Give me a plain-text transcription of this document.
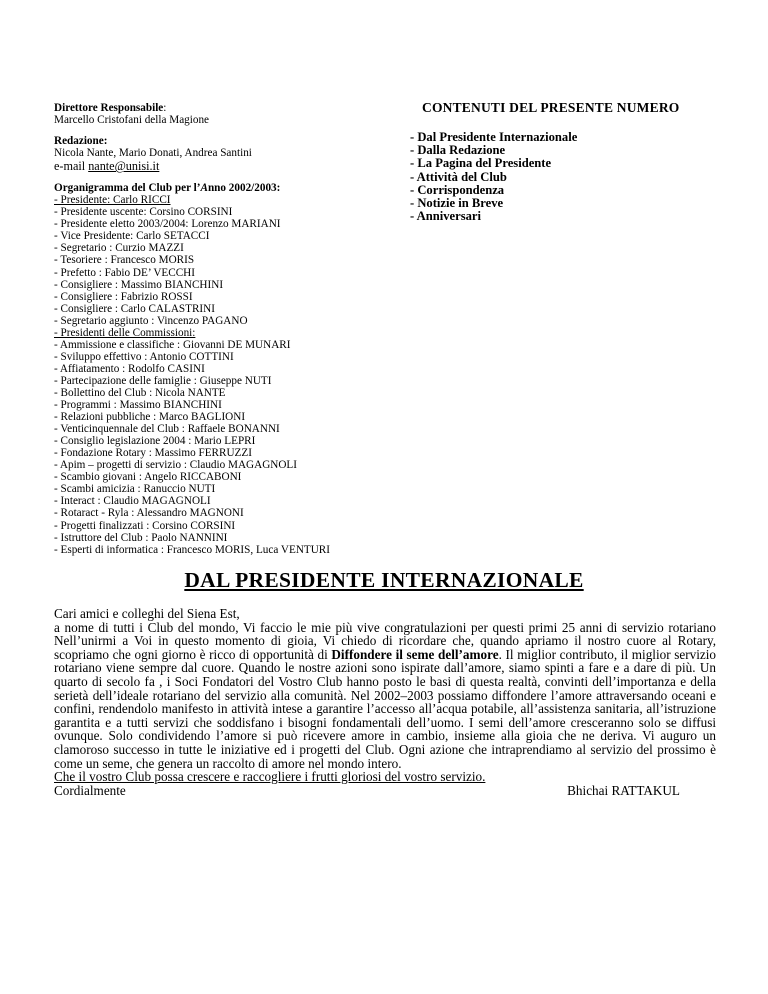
Direttore Responsabile:
Marcello Cristofani della Magione
Redazione:
Nicola Nante, Mario Donati, Andrea Santini
e-mail nante@unisi.it
Organigramma del Club per l’Anno 2002/2003:
- Presidente: Carlo RICCI
- Presidente uscente: Corsino CORSINI
- Presidente eletto 2003/2004: Lorenzo MARIANI
- Vice Presidente: Carlo SETACCI
- Segretario : Curzio MAZZI
- Tesoriere : Francesco MORIS
- Prefetto : Fabio DE’ VECCHI
- Consigliere : Massimo BIANCHINI
- Consigliere : Fabrizio ROSSI
- Consigliere : Carlo CALASTRINI
- Segretario aggiunto : Vincenzo PAGANO
- Presidenti delle Commissioni:
- Ammissione e classifiche : Giovanni DE MUNARI
- Sviluppo effettivo : Antonio COTTINI
- Affiatamento : Rodolfo CASINI
- Partecipazione delle famiglie : Giuseppe NUTI
- Bollettino del Club : Nicola NANTE
- Programmi : Massimo BIANCHINI
- Relazioni pubbliche : Marco BAGLIONI
- Venticinquennale del Club : Raffaele BONANNI
- Consiglio legislazione 2004 : Mario LEPRI
- Fondazione Rotary : Massimo FERRUZZI
- Apim – progetti di servizio : Claudio MAGAGNOLI
- Scambio giovani : Angelo RICCABONI
- Scambi amicizia : Ranuccio NUTI
- Interact : Claudio MAGAGNOLI
- Rotaract - Ryla : Alessandro MAGNONI
- Progetti finalizzati : Corsino CORSINI
- Istruttore del Club : Paolo NANNINI
- Esperti di informatica : Francesco MORIS, Luca VENTURI
CONTENUTI DEL PRESENTE NUMERO
- Dal Presidente Internazionale
- Dalla Redazione
- La Pagina del Presidente
- Attività del Club
- Corrispondenza
- Notizie in Breve
- Anniversari
DAL PRESIDENTE INTERNAZIONALE

Cari amici e colleghi del Siena Est,

a nome di tutti i Club del mondo, Vi faccio le mie più vive congratulazioni per questi primi 25 anni di servizio rotariano Nell’unirmi a Voi in questo momento di gioia, Vi chiedo di ricordare che, quando apriamo il nostro cuore al Rotary, scopriamo che ogni giorno è ricco di opportunità di Diffondere il seme dell’amore. Il miglior contributo, il miglior servizio rotariano viene sempre dal cuore. Quando le nostre azioni sono ispirate dall’amore, siamo spinti a fare e a dare di più. Un quarto di secolo fa , i Soci Fondatori del Vostro Club hanno posto le basi di questa realtà, convinti dell’importanza e della serietà dell’ideale rotariano del servizio alla comunità. Nel 2002–2003 possiamo diffondere l’amore attraversando oceani e confini, rendendolo manifesto in attività intese a garantire l’accesso all’acqua potabile, all’assistenza sanitaria, all’istruzione garantita e a tutti servizi che soddisfano i bisogni fondamentali dell’uomo. I semi dell’amore cresceranno solo se diffusi ovunque. Solo condividendo l’amore si può ricevere amore in cambio, insieme alla gioia che ne deriva. Vi auguro un clamoroso successo in tutte le iniziative ed i progetti del Club. Ogni azione che intraprendiamo al servizio del prossimo è come un seme, che genera un raccolto di amore nel mondo intero.

Che il vostro Club possa crescere e raccogliere i frutti gloriosi del vostro servizio.

Cordialmente	Bhichai RATTAKUL
